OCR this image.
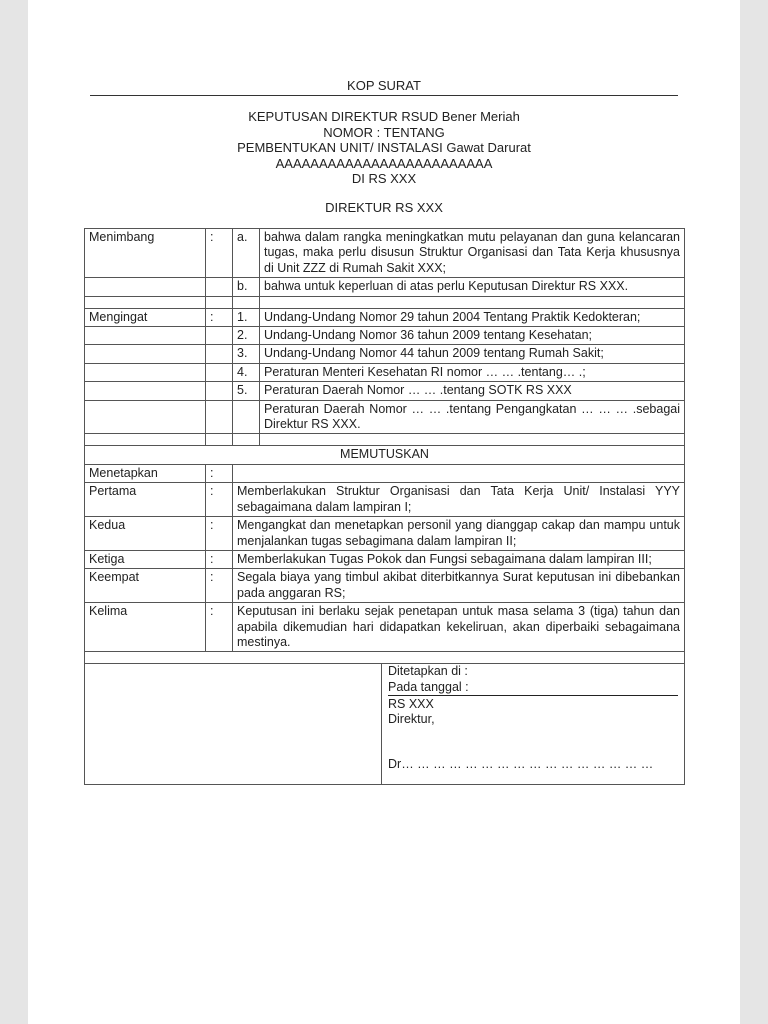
KOP SURAT
KEPUTUSAN DIREKTUR RSUD Bener Meriah
NOMOR : TENTANG
PEMBENTUKAN UNIT/ INSTALASI Gawat Darurat
AAAAAAAAAAAAAAAAAAAAAAAAA
DI RS XXX
DIREKTUR RS XXX
Menimbang	:	a.	bahwa dalam rangka meningkatkan mutu pelayanan dan guna kelancaran tugas, maka perlu disusun Struktur Organisasi dan Tata Kerja khususnya di Unit ZZZ di Rumah Sakit XXX;	
		b.	bahwa untuk keperluan di atas perlu Keputusan Direktur RS XXX.	

Mengingat	:	1.	Undang-Undang Nomor 29 tahun 2004 Tentang Praktik Kedokteran;	
		2.	Undang-Undang Nomor 36 tahun 2009 tentang Kesehatan;	
		3.	Undang-Undang Nomor 44 tahun 2009 tentang Rumah Sakit;	
		4.	Peraturan Menteri Kesehatan RI nomor … … .tentang… .;	
		5.	Peraturan Daerah Nomor … … .tentang SOTK RS XXX	
			Peraturan Daerah Nomor … … .tentang Pengangkatan … … … .sebagai Direktur RS XXX.	

MEMUTUSKAN				
Menetapkan	:			
Pertama	:	Memberlakukan Struktur Organisasi dan Tata Kerja Unit/ Instalasi YYY sebagaimana dalam lampiran I;		
Kedua	:	Mengangkat dan menetapkan personil yang dianggap cakap dan mampu untuk menjalankan tugas sebagimana dalam lampiran II;		
Ketiga	:	Memberlakukan Tugas Pokok dan Fungsi sebagaimana dalam lampiran III;		
Keempat	:	Segala biaya yang timbul akibat diterbitkannya Surat keputusan ini dibebankan pada anggaran RS;		
Kelima	:	Keputusan ini berlaku sejak penetapan untuk masa selama 3 (tiga) tahun dan apabila dikemudian hari didapatkan kekeliruan, akan diperbaiki sebagaimana mestinya.		

				Ditetapkan di :
Pada tanggal :
RS XXX
Direktur,
Dr… … … … … … … … … … … … … … … …
